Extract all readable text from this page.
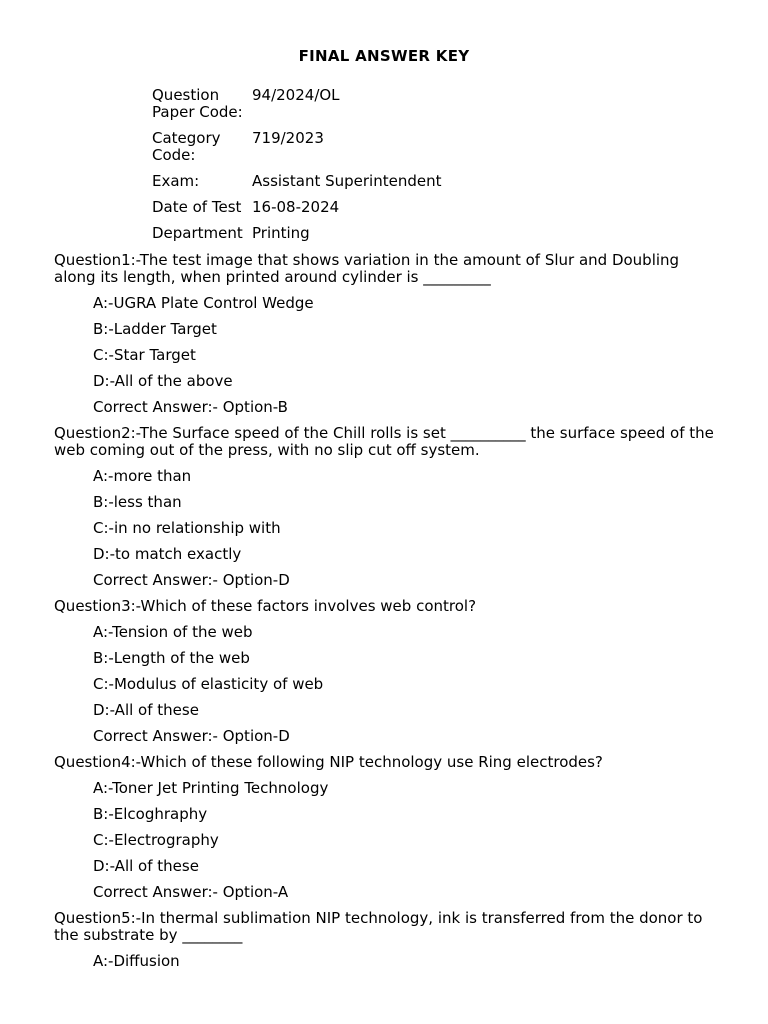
FINAL ANSWER KEY
Question Paper Code:	94/2024/OL
Category Code:	719/2023
Exam:	Assistant Superintendent
Date of Test	16-08-2024
Department	Printing
Question1:-The test image that shows variation in the amount of Slur and Doubling along its length, when printed around cylinder is _________
A:-UGRA Plate Control Wedge
B:-Ladder Target
C:-Star Target
D:-All of the above
Correct Answer:- Option-B
Question2:-The Surface speed of the Chill rolls is set __________ the surface speed of the web coming out of the press, with no slip cut off system.
A:-more than
B:-less than
C:-in no relationship with
D:-to match exactly
Correct Answer:- Option-D
Question3:-Which of these factors involves web control?
A:-Tension of the web
B:-Length of the web
C:-Modulus of elasticity of web
D:-All of these
Correct Answer:- Option-D
Question4:-Which of these following NIP technology use Ring electrodes?
A:-Toner Jet Printing Technology
B:-Elcoghraphy
C:-Electrography
D:-All of these
Correct Answer:- Option-A
Question5:-In thermal sublimation NIP technology, ink is transferred from the donor to the substrate by ________
A:-Diffusion
